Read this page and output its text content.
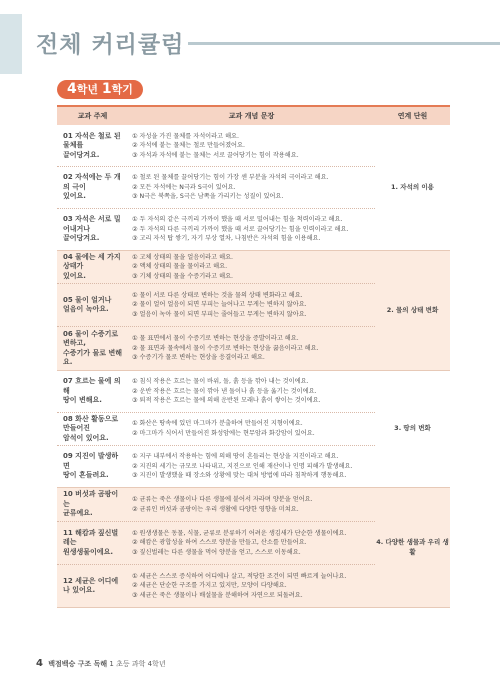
전체 커리큘럼
4학년 1학기
교과 주제	교과 개념 문장	연계 단원
01 자석은 철로 된 물체를
끌어당겨요.
① 자성을 가진 물체를 자석이라고 해요.
② 자석에 붙는 물체는 철로 만들어졌어요.
③ 자석과 자석에 붙는 물체는 서로 끌어당기는 힘이 작용해요.
02 자석에는 두 개의 극이
있어요.
① 철로 된 물체를 끌어당기는 힘이 가장 센 부분을 자석의 극이라고 해요.
② 모든 자석에는 N극과 S극이 있어요.
③ N극은 북쪽을, S극은 남쪽을 가리키는 성질이 있어요.
03 자석은 서로 밀어내거나
끌어당겨요.
① 두 자석의 같은 극끼리 가까이 했을 때 서로 밀어내는 힘을 척력이라고 해요.
② 두 자석의 다른 극끼리 가까이 했을 때 서로 끌어당기는 힘을 인력이라고 해요.
③ 고리 자석 탑 쌓기, 자기 부상 열차, 나침반은 자석의 힘을 이용해요.
1. 자석의 이용
04 물에는 세 가지 상태가
있어요.
① 고체 상태의 물을 얼음이라고 해요.
② 액체 상태의 물을 물이라고 해요.
③ 기체 상태의 물을 수증기라고 해요.
05 물이 얼거나
얼음이 녹아요.
① 물이 서로 다른 상태로 변하는 것을 물의 상태 변화라고 해요.
② 물이 얼어 얼음이 되면 부피는 늘어나고 무게는 변하지 않아요.
③ 얼음이 녹아 물이 되면 부피는 줄어들고 무게는 변하지 않아요.
06 물이 수증기로 변하고,
수증기가 물로 변해요.
① 물 표면에서 물이 수증기로 변하는 현상을 증발이라고 해요.
② 물 표면과 물속에서 물이 수증기로 변하는 현상을 끓음이라고 해요.
③ 수증기가 물로 변하는 현상을 응결이라고 해요.
2. 물의 상태 변화
07 흐르는 물에 의해
땅이 변해요.
① 침식 작용은 흐르는 물이 바위, 돌, 흙 등을 깎아 내는 것이에요.
② 운반 작용은 흐르는 물이 깎아 낸 돌이나 흙 등을 옮기는 것이에요.
③ 퇴적 작용은 흐르는 물에 의해 운반된 모래나 흙이 쌓이는 것이에요.
08 화산 활동으로 만들어진
암석이 있어요.
① 화산은 땅속에 있던 마그마가 분출하여 만들어진 지형이에요.
② 마그마가 식어서 만들어진 화성암에는 현무암과 화강암이 있어요.
09 지진이 발생하면
땅이 흔들려요.
① 지구 내부에서 작용하는 힘에 의해 땅이 흔들리는 현상을 지진이라고 해요.
② 지진의 세기는 규모로 나타내고, 지진으로 인해 재산이나 인명 피해가 발생해요.
③ 지진이 발생했을 때 장소와 상황에 맞는 대처 방법에 따라 침착하게 행동해요.
3. 땅의 변화
10 버섯과 곰팡이는
균류예요.
① 균류는 죽은 생물이나 다른 생물에 붙어서 자라며 양분을 얻어요.
② 균류인 버섯과 곰팡이는 우리 생활에 다양한 영향을 미쳐요.
11 해캄과 짚신벌레는
원생생물이에요.
① 원생생물은 동물, 식물, 균류로 분류하기 어려운 생김새가 단순한 생물이에요.
② 해캄은 광합성을 하여 스스로 양분을 만들고, 산소를 만들어요.
③ 짚신벌레는 다른 생물을 먹어 양분을 얻고, 스스로 이동해요.
12 세균은 어디에나 있어요.
① 세균은 스스로 증식하여 어디에나 살고, 적당한 조건이 되면 빠르게 늘어나요.
② 세균은 단순한 구조를 가지고 있지만, 모양이 다양해요.
③ 세균은 죽은 생물이나 배설물을 분해하여 자연으로 되돌려요.
4. 다양한 생물과 우리 생활
4 백점백승 구조 독해 1 초등 과학 4학년
